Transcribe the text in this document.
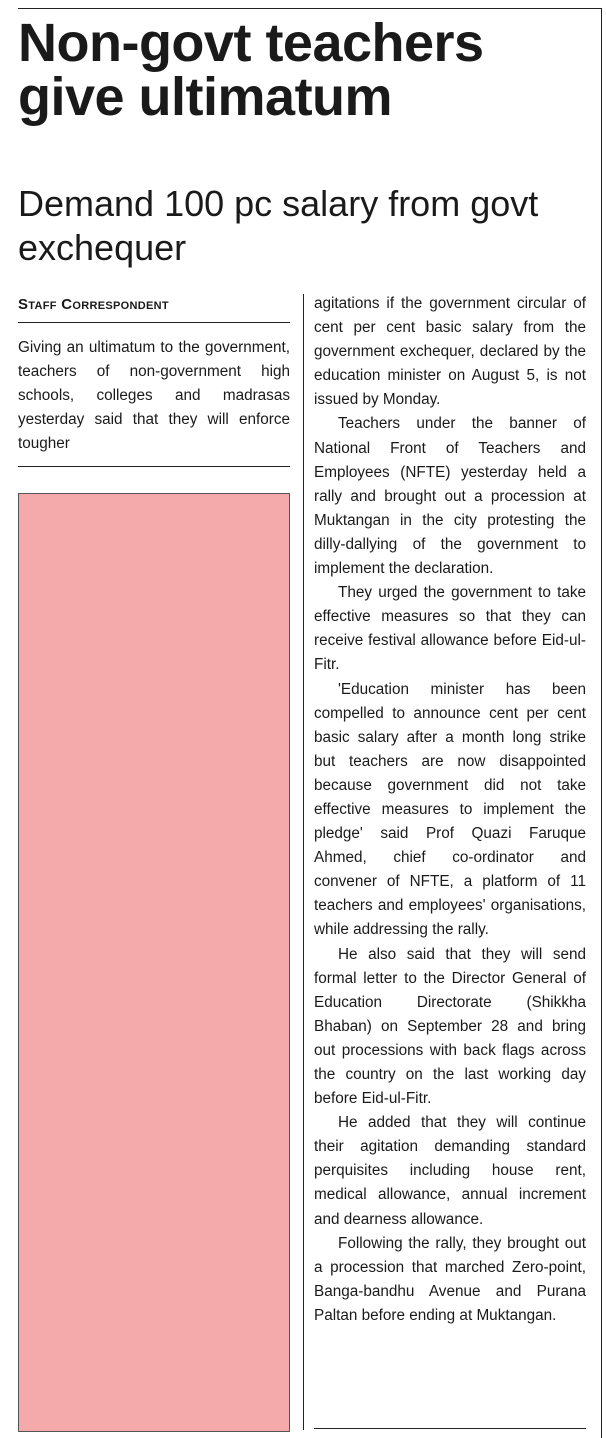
Non-govt teachers give ultimatum
Demand 100 pc salary from govt exchequer
Staff Correspondent

Giving an ultimatum to the government, teachers of non-government high schools, colleges and madrasas yesterday said that they will enforce tougher

agitations if the government circular of cent per cent basic salary from the government exchequer, declared by the education minister on August 5, is not issued by Monday.

Teachers under the banner of National Front of Teachers and Employees (NFTE) yesterday held a rally and brought out a procession at Muktangan in the city protesting the dilly-dallying of the government to implement the declaration.

They urged the government to take effective measures so that they can receive festival allowance before Eid-ul-Fitr.

'Education minister has been compelled to announce cent per cent basic salary after a month long strike but teachers are now disappointed because government did not take effective measures to implement the pledge' said Prof Quazi Faruque Ahmed, chief co-ordinator and convener of NFTE, a platform of 11 teachers and employees' organisations, while addressing the rally.

He also said that they will send formal letter to the Director General of Education Directorate (Shikkha Bhaban) on September 28 and bring out processions with back flags across the country on the last working day before Eid-ul-Fitr.

He added that they will continue their agitation demanding standard perquisites including house rent, medical allowance, annual increment and dearness allowance.

Following the rally, they brought out a procession that marched Zero-point, Banga-bandhu Avenue and Purana Paltan before ending at Muktangan.
